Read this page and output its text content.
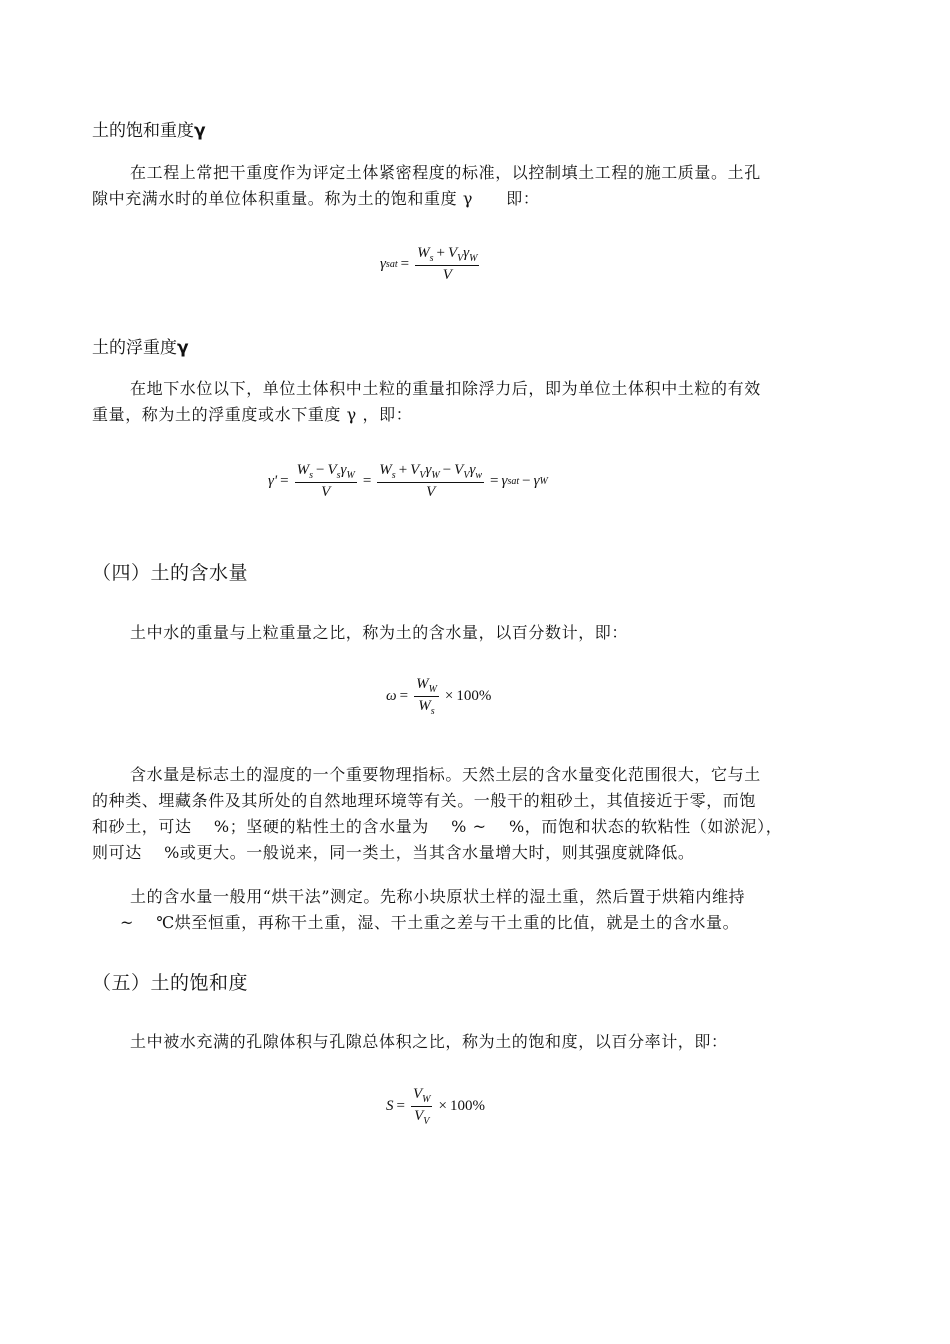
土的饱和重度γ

在工程上常把干重度作为评定土体紧密程度的标准，以控制填土工程的施工质量。土孔
隙中充满水时的单位体积重量。称为土的饱和重度 γ　　即：

γ sat = $\frac{W_s + V_V\gamma_W}{V}$
土的浮重度γ

在地下水位以下，单位土体积中土粒的重量扣除浮力后，即为单位土体积中土粒的有效
重量，称为土的浮重度或水下重度 γ ，即：

$\gamma' = \frac{W_s - V_s\gamma_W}{V} = \frac{W_s + V_V\gamma_W - V_V\gamma_w}{V} = \gamma$ sat − γ W
（四）土的含水量

土中水的重量与上粒重量之比，称为土的含水量，以百分数计，即：

$\omega = \frac{W_W}{W_s} \times 100\%$

含水量是标志土的湿度的一个重要物理指标。天然土层的含水量变化范围很大，它与土
的种类、埋藏条件及其所处的自然地理环境等有关。一般干的粗砂土，其值接近于零，而饱
和砂土，可达　 %；坚硬的粘性土的含水量为　 % ~　 %，而饱和状态的软粘性（如淤泥），
则可达　 %或更大。一般说来，同一类土，当其含水量增大时，则其强度就降低。

土的含水量一般用“烘干法”测定。先称小块原状土样的湿土重，然后置于烘箱内维持
~　 ℃烘至恒重，再称干土重，湿、干土重之差与干土重的比值，就是土的含水量。

（五）土的饱和度

土中被水充满的孔隙体积与孔隙总体积之比，称为土的饱和度，以百分率计，即：

$S = \frac{V_W}{V_V} \times 100\%$
